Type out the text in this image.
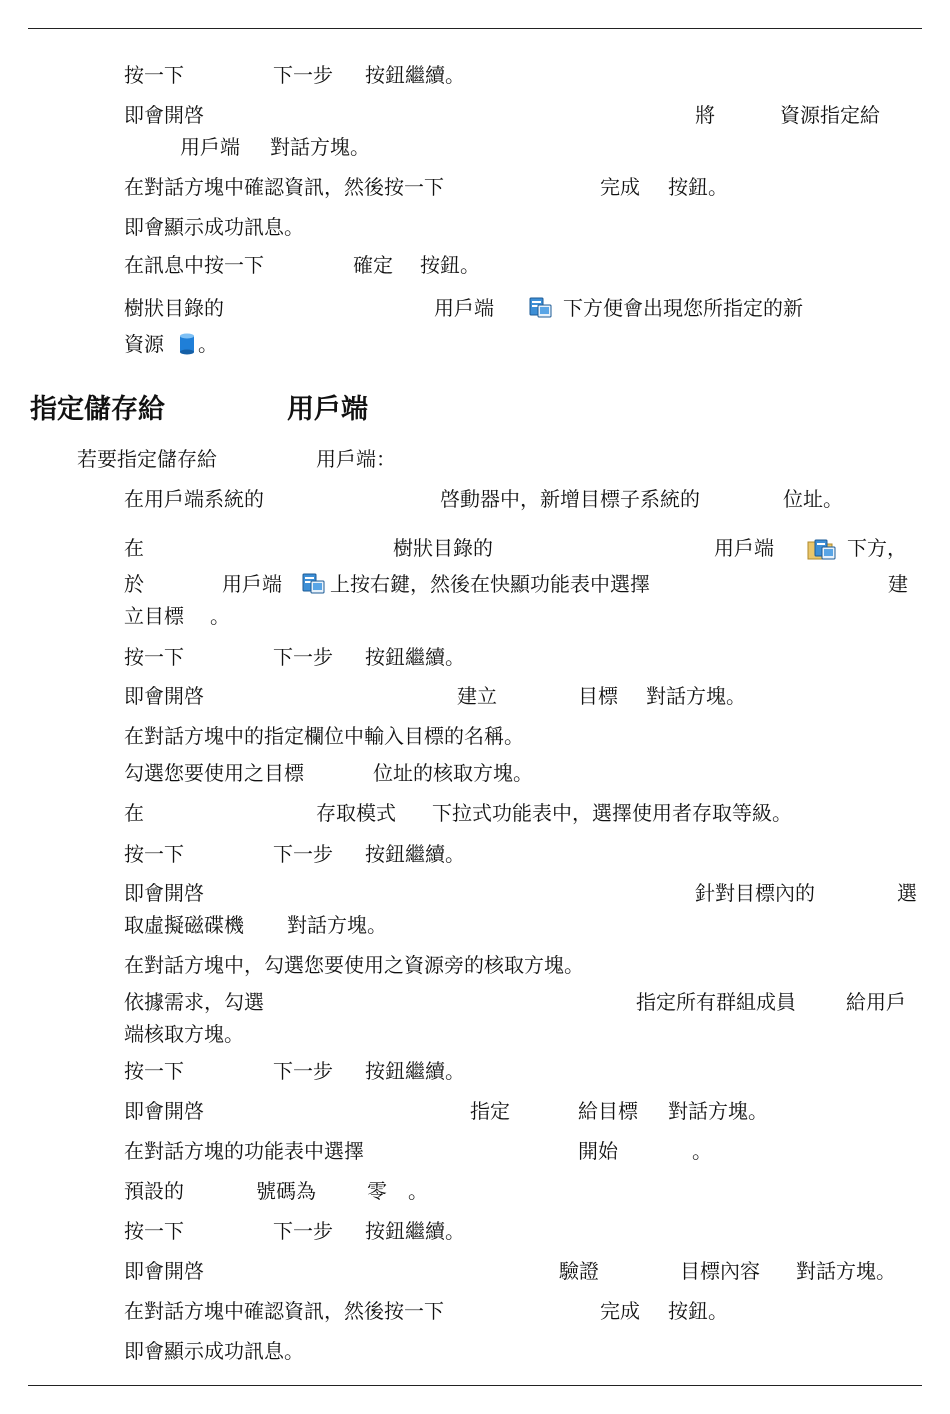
按一下	下一步 按鈕繼續。
即會開啓	將	資源指定給
用戶端 對話方塊。
在對話方塊中確認資訊，然後按一下	完成 按鈕。
即會顯示成功訊息。
在訊息中按一下	確定 按鈕。
樹狀目錄的	用戶端	下方便會出現您所指定的新
資源 。
指定儲存給	用戶端
若要指定儲存給	用戶端：
在用戶端系統的	啓動器中，新增目標子系統的	位址。
在	樹狀目錄的	用戶端	下方，
於	用戶端 上按右鍵，然後在快顯功能表中選擇	建
立目標 。
按一下	下一步 按鈕繼續。
即會開啓	建立	目標 對話方塊。
在對話方塊中的指定欄位中輸入目標的名稱。
勾選您要使用之目標	位址的核取方塊。
在	存取模式 下拉式功能表中，選擇使用者存取等級。
按一下	下一步 按鈕繼續。
即會開啓	針對目標內的	選
取虛擬磁碟機 對話方塊。
在對話方塊中，勾選您要使用之資源旁的核取方塊。
依據需求，勾選	指定所有群組成員	給用戶
端核取方塊。
按一下	下一步 按鈕繼續。
即會開啓	指定	給目標 對話方塊。
在對話方塊的功能表中選擇	開始	。
預設的	號碼為	零 。
按一下	下一步 按鈕繼續。
即會開啓	驗證	目標內容 對話方塊。
在對話方塊中確認資訊，然後按一下	完成 按鈕。
即會顯示成功訊息。
